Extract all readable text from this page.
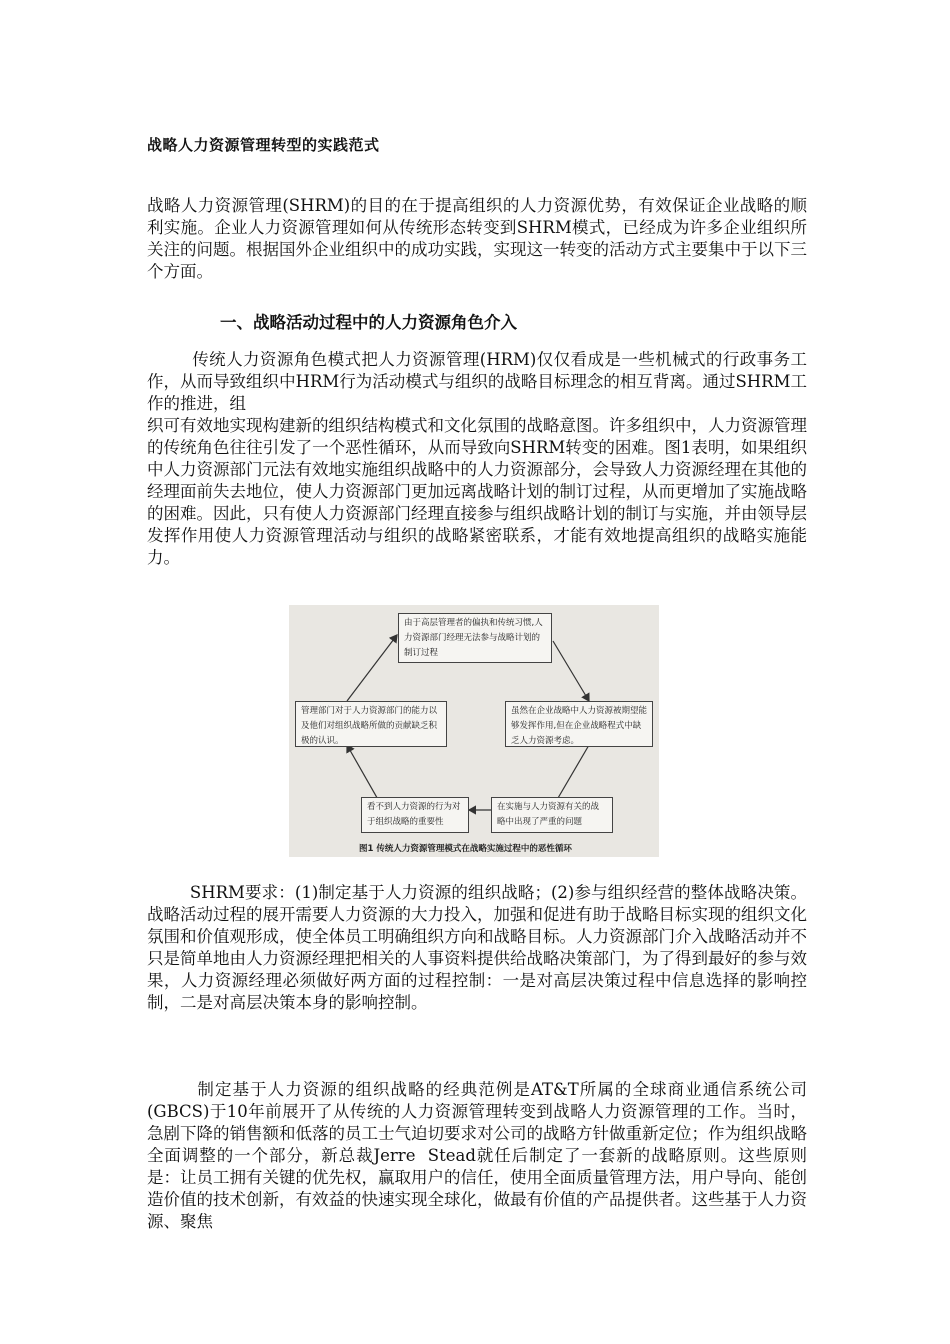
战略人力资源管理转型的实践范式
战略人力资源管理(SHRM)的目的在于提高组织的人力资源优势，有效保证企业战略的顺利实施。企业人力资源管理如何从传统形态转变到SHRM模式，已经成为许多企业组织所关注的问题。根据国外企业组织中的成功实践，实现这一转变的活动方式主要集中于以下三个方面。
一、战略活动过程中的人力资源角色介入
传统人力资源角色模式把人力资源管理(HRM)仅仅看成是一些机械式的行政事务工作，从而导致组织中HRM行为活动模式与组织的战略目标理念的相互背离。通过SHRM工作的推进，组
织可有效地实现构建新的组织结构模式和文化氛围的战略意图。许多组织中，人力资源管理的传统角色往往引发了一个恶性循环，从而导致向SHRM转变的困难。图1表明，如果组织中人力资源部门元法有效地实施组织战略中的人力资源部分，会导致人力资源经理在其他的经理面前失去地位，使人力资源部门更加远离战略计划的制订过程，从而更增加了实施战略的困难。因此，只有使人力资源部门经理直接参与组织战略计划的制订与实施，并由领导层发挥作用使人力资源管理活动与组织的战略紧密联系，才能有效地提高组织的战略实施能力。
由于高层管理者的偏执和传统习惯,人力资源部门经理无法参与战略计划的制订过程
虽然在企业战略中人力资源被期望能够发挥作用,但在企业战略程式中缺乏人力资源考虑。
在实施与人力资源有关的战略中出现了严重的问题
看不到人力资源的行为对于组织战略的重要性
管理部门对于人力资源部门的能力以及他们对组织战略所做的贡献缺乏积极的认识。
图1 传统人力资源管理模式在战略实施过程中的恶性循环
SHRM要求：(1)制定基于人力资源的组织战略；(2)参与组织经营的整体战略决策。战略活动过程的展开需要人力资源的大力投入，加强和促进有助于战略目标实现的组织文化氛围和价值观形成，使全体员工明确组织方向和战略目标。人力资源部门介入战略活动并不只是简单地由人力资源经理把相关的人事资料提供给战略决策部门，为了得到最好的参与效果，人力资源经理必须做好两方面的过程控制：一是对高层决策过程中信息选择的影响控制，二是对高层决策本身的影响控制。
制定基于人力资源的组织战略的经典范例是AT&T所属的全球商业通信系统公司(GBCS)于10年前展开了从传统的人力资源管理转变到战略人力资源管理的工作。当时，急剧下降的销售额和低落的员工士气迫切要求对公司的战略方针做重新定位；作为组织战略全面调整的一个部分，新总裁Jerre  Stead就任后制定了一套新的战略原则。这些原则是：让员工拥有关键的优先权，赢取用户的信任，使用全面质量管理方法，用户导向、能创造价值的技术创新，有效益的快速实现全球化，做最有价值的产品提供者。这些基于人力资源、聚焦
